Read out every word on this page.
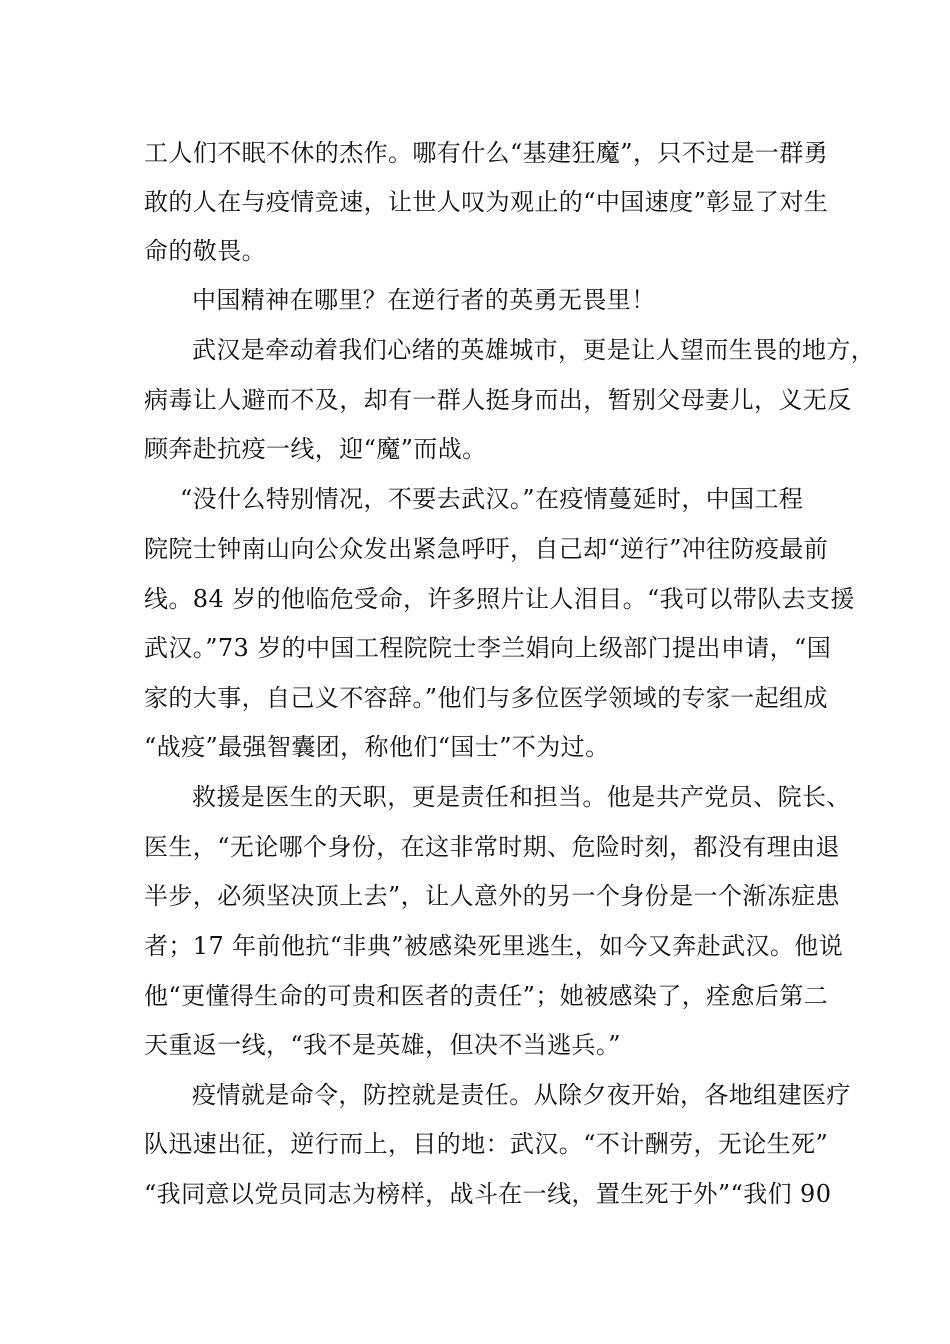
工人们不眠不休的杰作。哪有什么“基建狂魔”，只不过是一群勇
敢的人在与疫情竞速，让世人叹为观止的“中国速度”彰显了对生
命的敬畏。
中国精神在哪里？在逆行者的英勇无畏里！
武汉是牵动着我们心绪的英雄城市，更是让人望而生畏的地方，
病毒让人避而不及，却有一群人挺身而出，暂别父母妻儿，义无反
顾奔赴抗疫一线，迎“魔”而战。
“没什么特别情况，不要去武汉。”在疫情蔓延时，中国工程
院院士钟南山向公众发出紧急呼吁，自己却“逆行”冲往防疫最前
线。84 岁的他临危受命，许多照片让人泪目。“我可以带队去支援
武汉。”73 岁的中国工程院院士李兰娟向上级部门提出申请，“国
家的大事，自己义不容辞。”他们与多位医学领域的专家一起组成
“战疫”最强智囊团，称他们“国士”不为过。
救援是医生的天职，更是责任和担当。他是共产党员、院长、
医生，“无论哪个身份，在这非常时期、危险时刻，都没有理由退
半步，必须坚决顶上去”，让人意外的另一个身份是一个渐冻症患
者；17 年前他抗“非典”被感染死里逃生，如今又奔赴武汉。他说
他“更懂得生命的可贵和医者的责任”；她被感染了，痊愈后第二
天重返一线，“我不是英雄，但决不当逃兵。”
疫情就是命令，防控就是责任。从除夕夜开始，各地组建医疗
队迅速出征，逆行而上，目的地：武汉。“不计酬劳，无论生死”
“我同意以党员同志为榜样，战斗在一线，置生死于外”“我们 90
